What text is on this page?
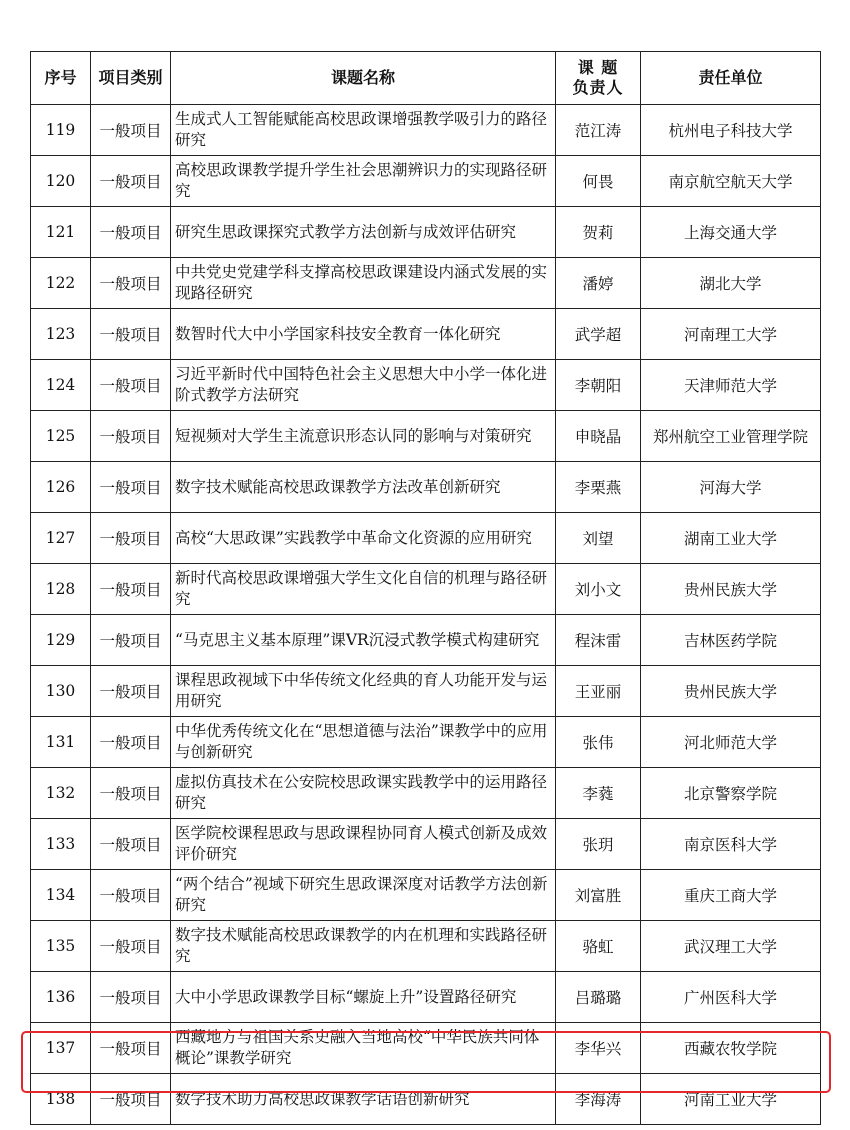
序号	项目类别	课题名称	课 题 负责人	责任单位
119	一般项目	生成式人工智能赋能高校思政课增强教学吸引力的路径研究	范江涛	杭州电子科技大学
120	一般项目	高校思政课教学提升学生社会思潮辨识力的实现路径研究	何畏	南京航空航天大学
121	一般项目	研究生思政课探究式教学方法创新与成效评估研究	贺莉	上海交通大学
122	一般项目	中共党史党建学科支撑高校思政课建设内涵式发展的实现路径研究	潘婷	湖北大学
123	一般项目	数智时代大中小学国家科技安全教育一体化研究	武学超	河南理工大学
124	一般项目	习近平新时代中国特色社会主义思想大中小学一体化进阶式教学方法研究	李朝阳	天津师范大学
125	一般项目	短视频对大学生主流意识形态认同的影响与对策研究	申晓晶	郑州航空工业管理学院
126	一般项目	数字技术赋能高校思政课教学方法改革创新研究	李栗燕	河海大学
127	一般项目	高校“大思政课”实践教学中革命文化资源的应用研究	刘望	湖南工业大学
128	一般项目	新时代高校思政课增强大学生文化自信的机理与路径研究	刘小文	贵州民族大学
129	一般项目	“马克思主义基本原理”课VR沉浸式教学模式构建研究	程沫雷	吉林医药学院
130	一般项目	课程思政视域下中华传统文化经典的育人功能开发与运用研究	王亚丽	贵州民族大学
131	一般项目	中华优秀传统文化在“思想道德与法治”课教学中的应用与创新研究	张伟	河北师范大学
132	一般项目	虚拟仿真技术在公安院校思政课实践教学中的运用路径研究	李蕤	北京警察学院
133	一般项目	医学院校课程思政与思政课程协同育人模式创新及成效评价研究	张玥	南京医科大学
134	一般项目	“两个结合”视域下研究生思政课深度对话教学方法创新研究	刘富胜	重庆工商大学
135	一般项目	数字技术赋能高校思政课教学的内在机理和实践路径研究	骆虹	武汉理工大学
136	一般项目	大中小学思政课教学目标“螺旋上升”设置路径研究	吕璐璐	广州医科大学
137	一般项目	西藏地方与祖国关系史融入当地高校“中华民族共同体概论”课教学研究	李华兴	西藏农牧学院
138	一般项目	数字技术助力高校思政课教学话语创新研究	李海涛	河南工业大学
